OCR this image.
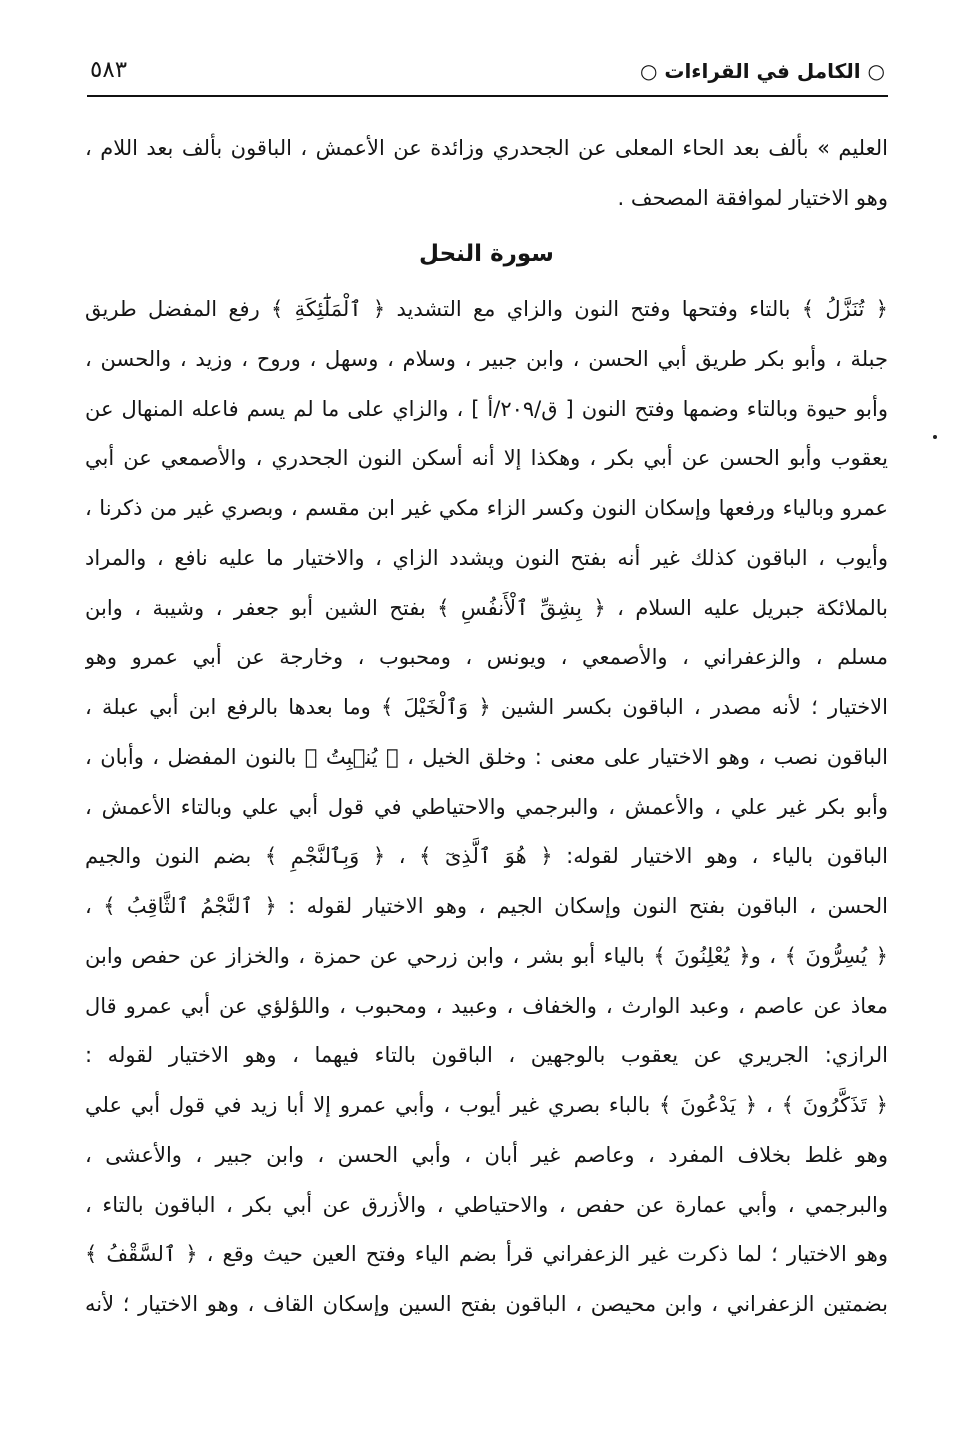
○ الكامل في القراءات ○
٥٨٣
العليم » بألف بعد الحاء المعلى عن الجحدري وزائدة عن الأعمش ، الباقون بألف بعد اللام ،
وهو الاختيار لموافقة المصحف .
سورة النحل
﴿ تُنَزَّلُ ﴾ بالتاء وفتحها وفتح النون والزاي مع التشديد ﴿ ٱلْمَلَٰٓئِكَةِ ﴾ رفع المفضل طريق
جبلة ، وأبو بكر طريق أبي الحسن ، وابن جبير ، وسلام ، وسهل ، وروح ، وزيد ، والحسن ،
وأبو حيوة وبالتاء وضمها وفتح النون [ ق/٢٠٩/أ ] ، والزاي على ما لم يسم فاعله المنهال عن
يعقوب وأبو الحسن عن أبي بكر ، وهكذا إلا أنه أسكن النون الجحدري ، والأصمعي عن أبي
عمرو وبالياء ورفعها وإسكان النون وكسر الزاء مكي غير ابن مقسم ، وبصري غير من ذكرنا ،
وأيوب ، الباقون كذلك غير أنه بفتح النون ويشدد الزاي ، والاختيار ما عليه نافع ، والمراد
بالملائكة جبريل عليه السلام ، ﴿ بِشِقِّ ٱلْأَنفُسِ ﴾ بفتح الشين أبو جعفر ، وشيبة ، وابن
مسلم ، والزعفراني ، والأصمعي ، ويونس ، ومحبوب ، وخارجة عن أبي عمرو وهو
الاختيار ؛ لأنه مصدر ، الباقون بكسر الشين ﴿ وَٱلْخَيْلَ ﴾ وما بعدها بالرفع ابن أبي عبلة ،
الباقون نصب ، وهو الاختيار على معنى : وخلق الخيل ، ﴿ يُنۢبِتُ ﴾ بالنون المفضل ، وأبان ،
وأبو بكر غير علي ، والأعمش ، والبرجمي والاحتياطي في قول أبي علي وبالتاء الأعمش ،
الباقون بالياء ، وهو الاختيار لقوله: ﴿ هُوَ ٱلَّذِىٓ ﴾ ، ﴿ وَبِٱلنَّجْمِ ﴾ بضم النون والجيم
الحسن ، الباقون بفتح النون وإسكان الجيم ، وهو الاختيار لقوله : ﴿ ٱلنَّجْمُ ٱلثَّاقِبُ ﴾ ،
﴿ يُسِرُّونَ ﴾ ، و﴿ يُعْلِنُونَ ﴾ بالياء أبو بشر ، وابن زرحي عن حمزة ، والخزاز عن حفص وابن
معاذ عن عاصم ، وعبد الوارث ، والخفاف ، وعبيد ، ومحبوب ، واللؤلؤي عن أبي عمرو قال
الرازي: الجريري عن يعقوب بالوجهين ، الباقون بالتاء فيهما ، وهو الاختيار لقوله :
﴿ تَذَكَّرُونَ ﴾ ، ﴿ يَدْعُونَ ﴾ بالباء بصري غير أيوب ، وأبي عمرو إلا أبا زيد في قول أبي علي
وهو غلط بخلاف المفرد ، وعاصم غير أبان ، وأبي الحسن ، وابن جبير ، والأعشى ،
والبرجمي ، وأبي عمارة عن حفص ، والاحتياطي ، والأزرق عن أبي بكر ، الباقون بالتاء ،
وهو الاختيار ؛ لما ذكرت غير الزعفراني قرأ بضم الياء وفتح العين حيث وقع ، ﴿ ٱلسَّقْفُ ﴾
بضمتين الزعفراني ، وابن محيصن ، الباقون بفتح السين وإسكان القاف ، وهو الاختيار ؛ لأنه
